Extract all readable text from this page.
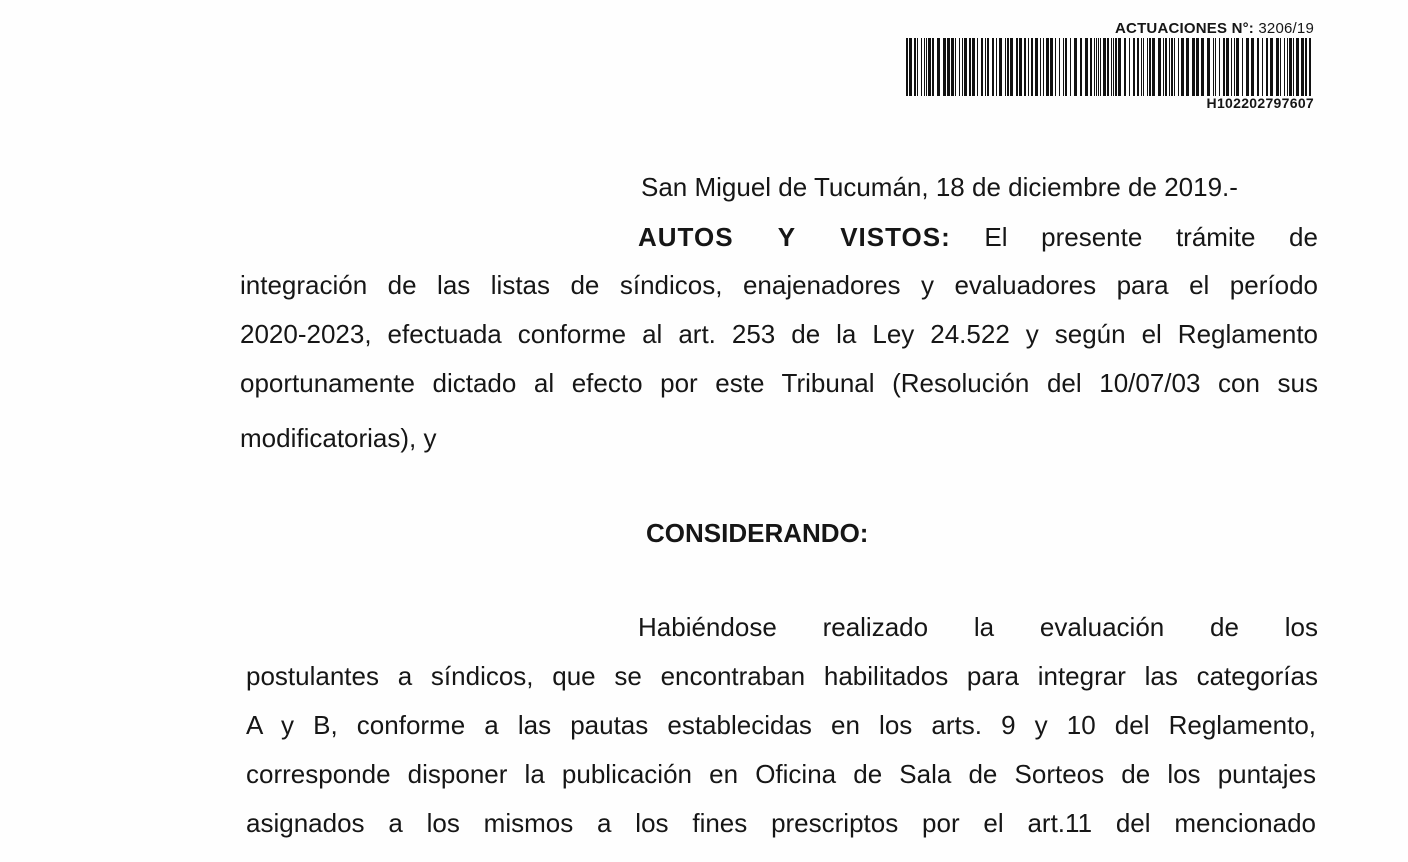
ACTUACIONES N°: 3206/19
H102202797607
San Miguel de Tucumán, 18 de diciembre de 2019.-
AUTOS Y VISTOS: El presente trámite de
integración de las listas de síndicos, enajenadores y evaluadores para el período
2020-2023, efectuada conforme al art. 253 de la Ley 24.522 y según el Reglamento
oportunamente dictado al efecto por este Tribunal (Resolución del 10/07/03 con sus
modificatorias), y
CONSIDERANDO:
Habiéndose realizado la evaluación de los
postulantes a síndicos, que se encontraban habilitados para integrar las categorías
A y B, conforme a las pautas establecidas en los arts. 9 y 10 del Reglamento,
corresponde disponer la publicación en Oficina de Sala de Sorteos de los puntajes
asignados a los mismos a los fines prescriptos por el art.11 del mencionado
